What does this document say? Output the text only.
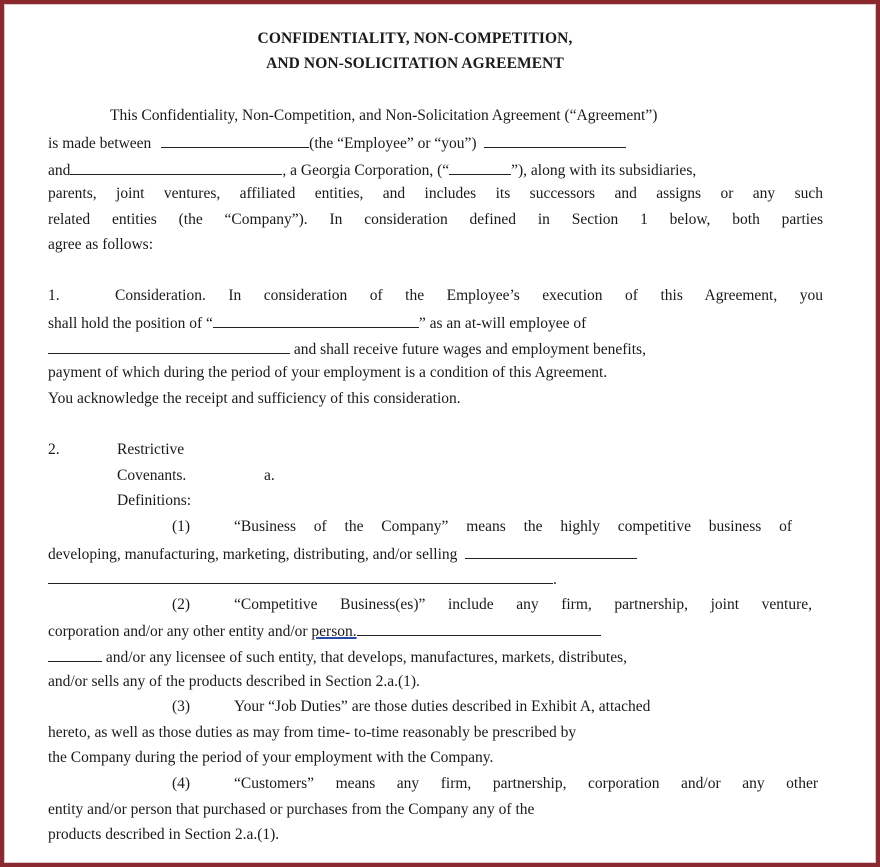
CONFIDENTIALITY, NON-COMPETITION,
AND NON-SOLICITATION AGREEMENT
This Confidentiality, Non-Competition, and Non-Solicitation Agreement (“Agreement”)
is made between	(the “Employee” or “you”)
and	, a Georgia Corporation, (“	”), along with its subsidiaries,
parents, joint ventures, affiliated entities, and includes its successors and assigns or any such
related entities (the “Company”). In consideration defined in Section 1 below, both parties
agree as follows:
1.	Consideration. In consideration of the Employee’s execution of this Agreement, you
shall hold the position of “	” as an at-will employee of
and shall receive future wages and employment benefits,
payment of which during the period of your employment is a condition of this Agreement.
You acknowledge the receipt and sufficiency of this consideration.
2.	Restrictive
Covenants.	a.
Definitions:
(1)	“Business of the Company” means the highly competitive business of
developing, manufacturing, marketing, distributing, and/or selling
.
(2)	“Competitive Business(es)” include any firm, partnership, joint venture,
corporation and/or any other entity and/or person.
and/or any licensee of such entity, that develops, manufactures, markets, distributes,
and/or sells any of the products described in Section 2.a.(1).
(3)	Your “Job Duties” are those duties described in Exhibit A, attached
hereto, as well as those duties as may from time- to-time reasonably be prescribed by
the Company during the period of your employment with the Company.
(4)	“Customers” means any firm, partnership, corporation and/or any other
entity and/or person that purchased or purchases from the Company any of the
products described in Section 2.a.(1).
